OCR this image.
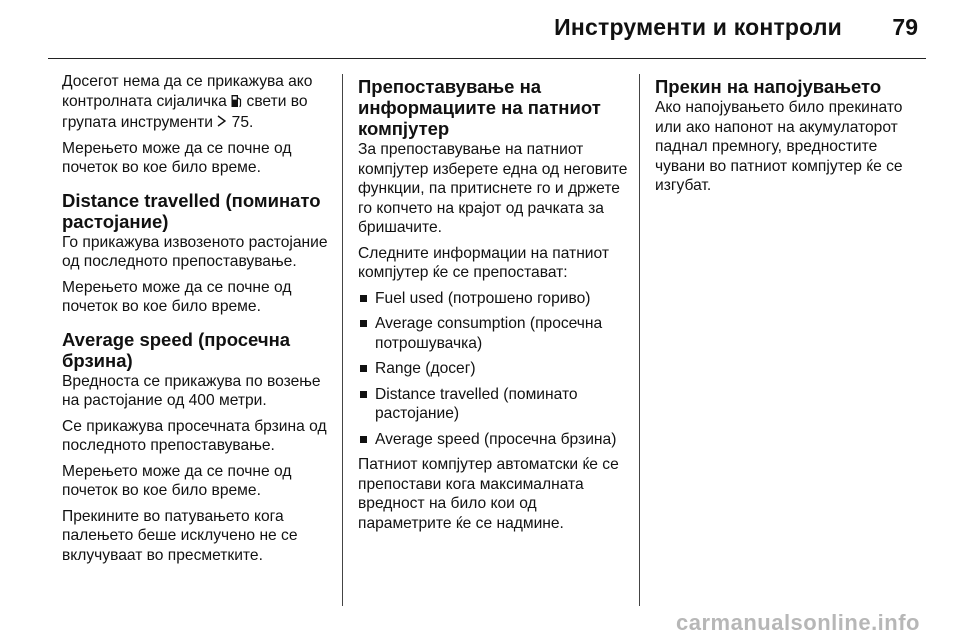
Инструменти и контроли 79

Досегот нема да се прикажува ако контролната сијаличка  свети во групата инструменти  75.

Мерењето може да се почне од почеток во кое било време.

Distance travelled (поминато растојание)

Го прикажува извозеното растојание од последното препоставување.

Мерењето може да се почне од почеток во кое било време.

Average speed (просечна брзина)

Вредноста се прикажува по возење на растојание од 400 метри.

Се прикажува просечната брзина од последното препоставување.

Мерењето може да се почне од почеток во кое било време.

Прекините во патувањето кога палењето беше исклучено не се вклучуваат во пресметките.

Препоставување на информациите на патниот компјутер

За препоставување на патниот компјутер изберете една од неговите функции, па притиснете го и држете го копчето на крајот од рачката за бришачите.

Следните информации на патниот компјутер ќе се препостават:

Fuel used (потрошено гориво)
Average consumption (просечна потрошувачка)
Range (досег)
Distance travelled (поминато растојание)
Average speed (просечна брзина)

Патниот компјутер автоматски ќе се препостави кога максималната вредност на било кои од параметрите ќе се надмине.

Прекин на напојувањето

Ако напојувањето било прекинато или ако напонот на акумулаторот паднал премногу, вредностите чувани во патниот компјутер ќе се изгубат.

carmanualsonline.info
